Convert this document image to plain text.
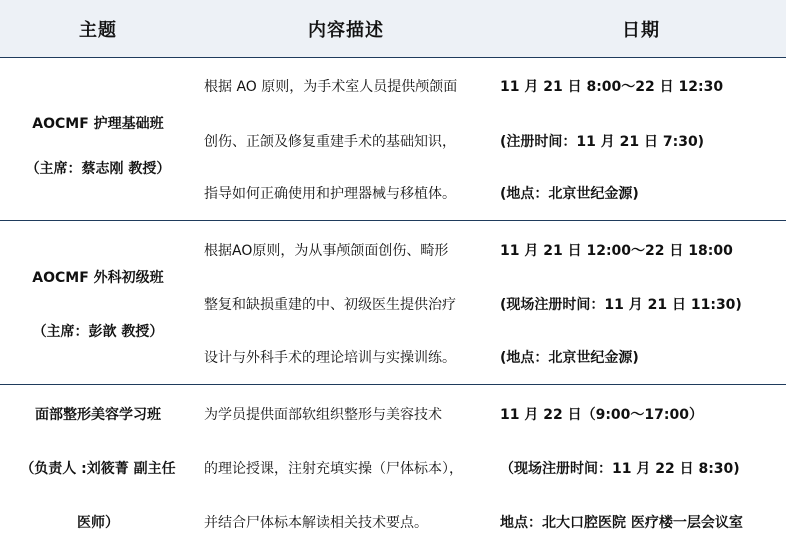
主题	内容描述	日期
AOCMF 护理基础班
（主席：蔡志刚 教授）
根据 AO 原则，为手术室人员提供颅颌面
创伤、正颌及修复重建手术的基础知识，
指导如何正确使用和护理器械与移植体。
11 月 21 日 8:00～22 日 12:30
(注册时间：11 月 21 日 7:30)
(地点：北京世纪金源)
AOCMF 外科初级班
（主席：彭歆 教授）
根据AO原则，为从事颅颌面创伤、畸形
整复和缺损重建的中、初级医生提供治疗
设计与外科手术的理论培训与实操训练。
11 月 21 日 12:00～22 日 18:00
(现场注册时间：11 月 21 日 11:30)
(地点：北京世纪金源)
面部整形美容学习班
（负责人 :刘筱菁 副主任
医师）
为学员提供面部软组织整形与美容技术
的理论授课，注射充填实操（尸体标本），
并结合尸体标本解读相关技术要点。
11 月 22 日（9:00～17:00）
（现场注册时间：11 月 22 日 8:30)
地点：北大口腔医院 医疗楼一层会议室
